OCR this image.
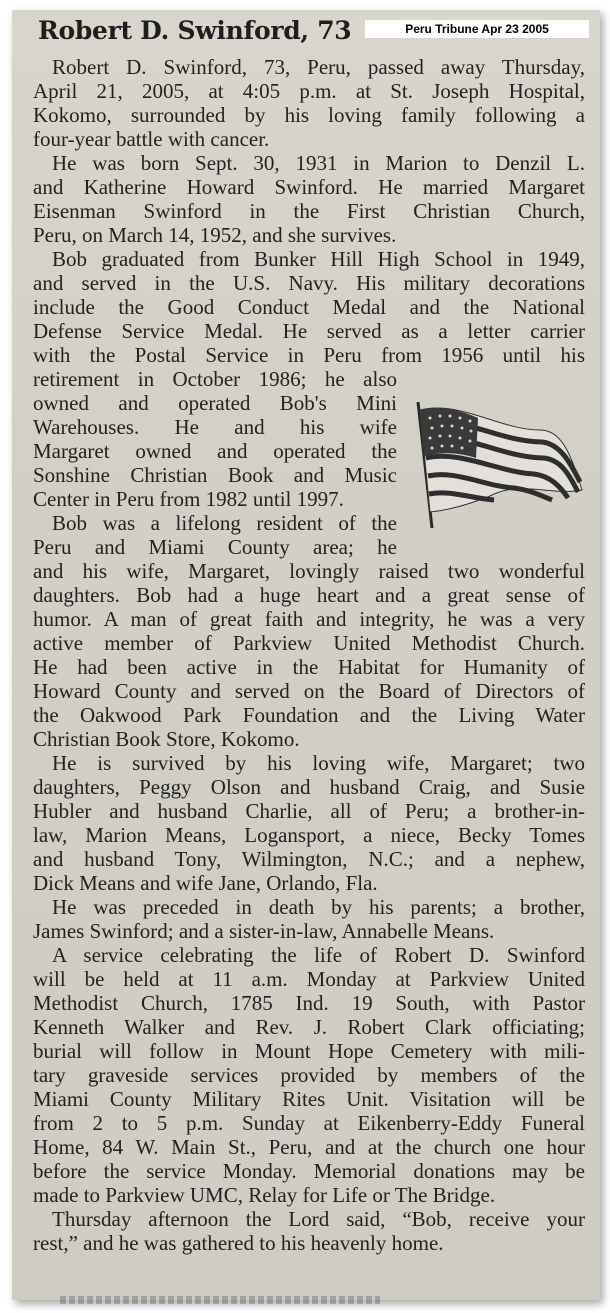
Robert D. Swinford, 73	Peru Tribune Apr 23 2005
Robert D. Swinford, 73, Peru, passed away Thursday,
April 21, 2005, at 4:05 p.m. at St. Joseph Hospital,
Kokomo, surrounded by his loving family following a
four-year battle with cancer.
He was born Sept. 30, 1931 in Marion to Denzil L.
and Katherine Howard Swinford. He married Margaret
Eisenman Swinford in the First Christian Church,
Peru, on March 14, 1952, and she survives.
Bob graduated from Bunker Hill High School in 1949,
and served in the U.S. Navy. His military decorations
include the Good Conduct Medal and the National
Defense Service Medal. He served as a letter carrier
with the Postal Service in Peru from 1956 until his
retirement in October 1986; he also
owned and operated Bob's Mini
Warehouses. He and his wife
Margaret owned and operated the
Sonshine Christian Book and Music
Center in Peru from 1982 until 1997.
Bob was a lifelong resident of the
Peru and Miami County area; he
and his wife, Margaret, lovingly raised two wonderful
daughters. Bob had a huge heart and a great sense of
humor. A man of great faith and integrity, he was a very
active member of Parkview United Methodist Church.
He had been active in the Habitat for Humanity of
Howard County and served on the Board of Directors of
the Oakwood Park Foundation and the Living Water
Christian Book Store, Kokomo.
He is survived by his loving wife, Margaret; two
daughters, Peggy Olson and husband Craig, and Susie
Hubler and husband Charlie, all of Peru; a brother-in-
law, Marion Means, Logansport, a niece, Becky Tomes
and husband Tony, Wilmington, N.C.; and a nephew,
Dick Means and wife Jane, Orlando, Fla.
He was preceded in death by his parents; a brother,
James Swinford; and a sister-in-law, Annabelle Means.
A service celebrating the life of Robert D. Swinford
will be held at 11 a.m. Monday at Parkview United
Methodist Church, 1785 Ind. 19 South, with Pastor
Kenneth Walker and Rev. J. Robert Clark officiating;
burial will follow in Mount Hope Cemetery with mili-
tary graveside services provided by members of the
Miami County Military Rites Unit. Visitation will be
from 2 to 5 p.m. Sunday at Eikenberry-Eddy Funeral
Home, 84 W. Main St., Peru, and at the church one hour
before the service Monday. Memorial donations may be
made to Parkview UMC, Relay for Life or The Bridge.
Thursday afternoon the Lord said, “Bob, receive your
rest,” and he was gathered to his heavenly home.
